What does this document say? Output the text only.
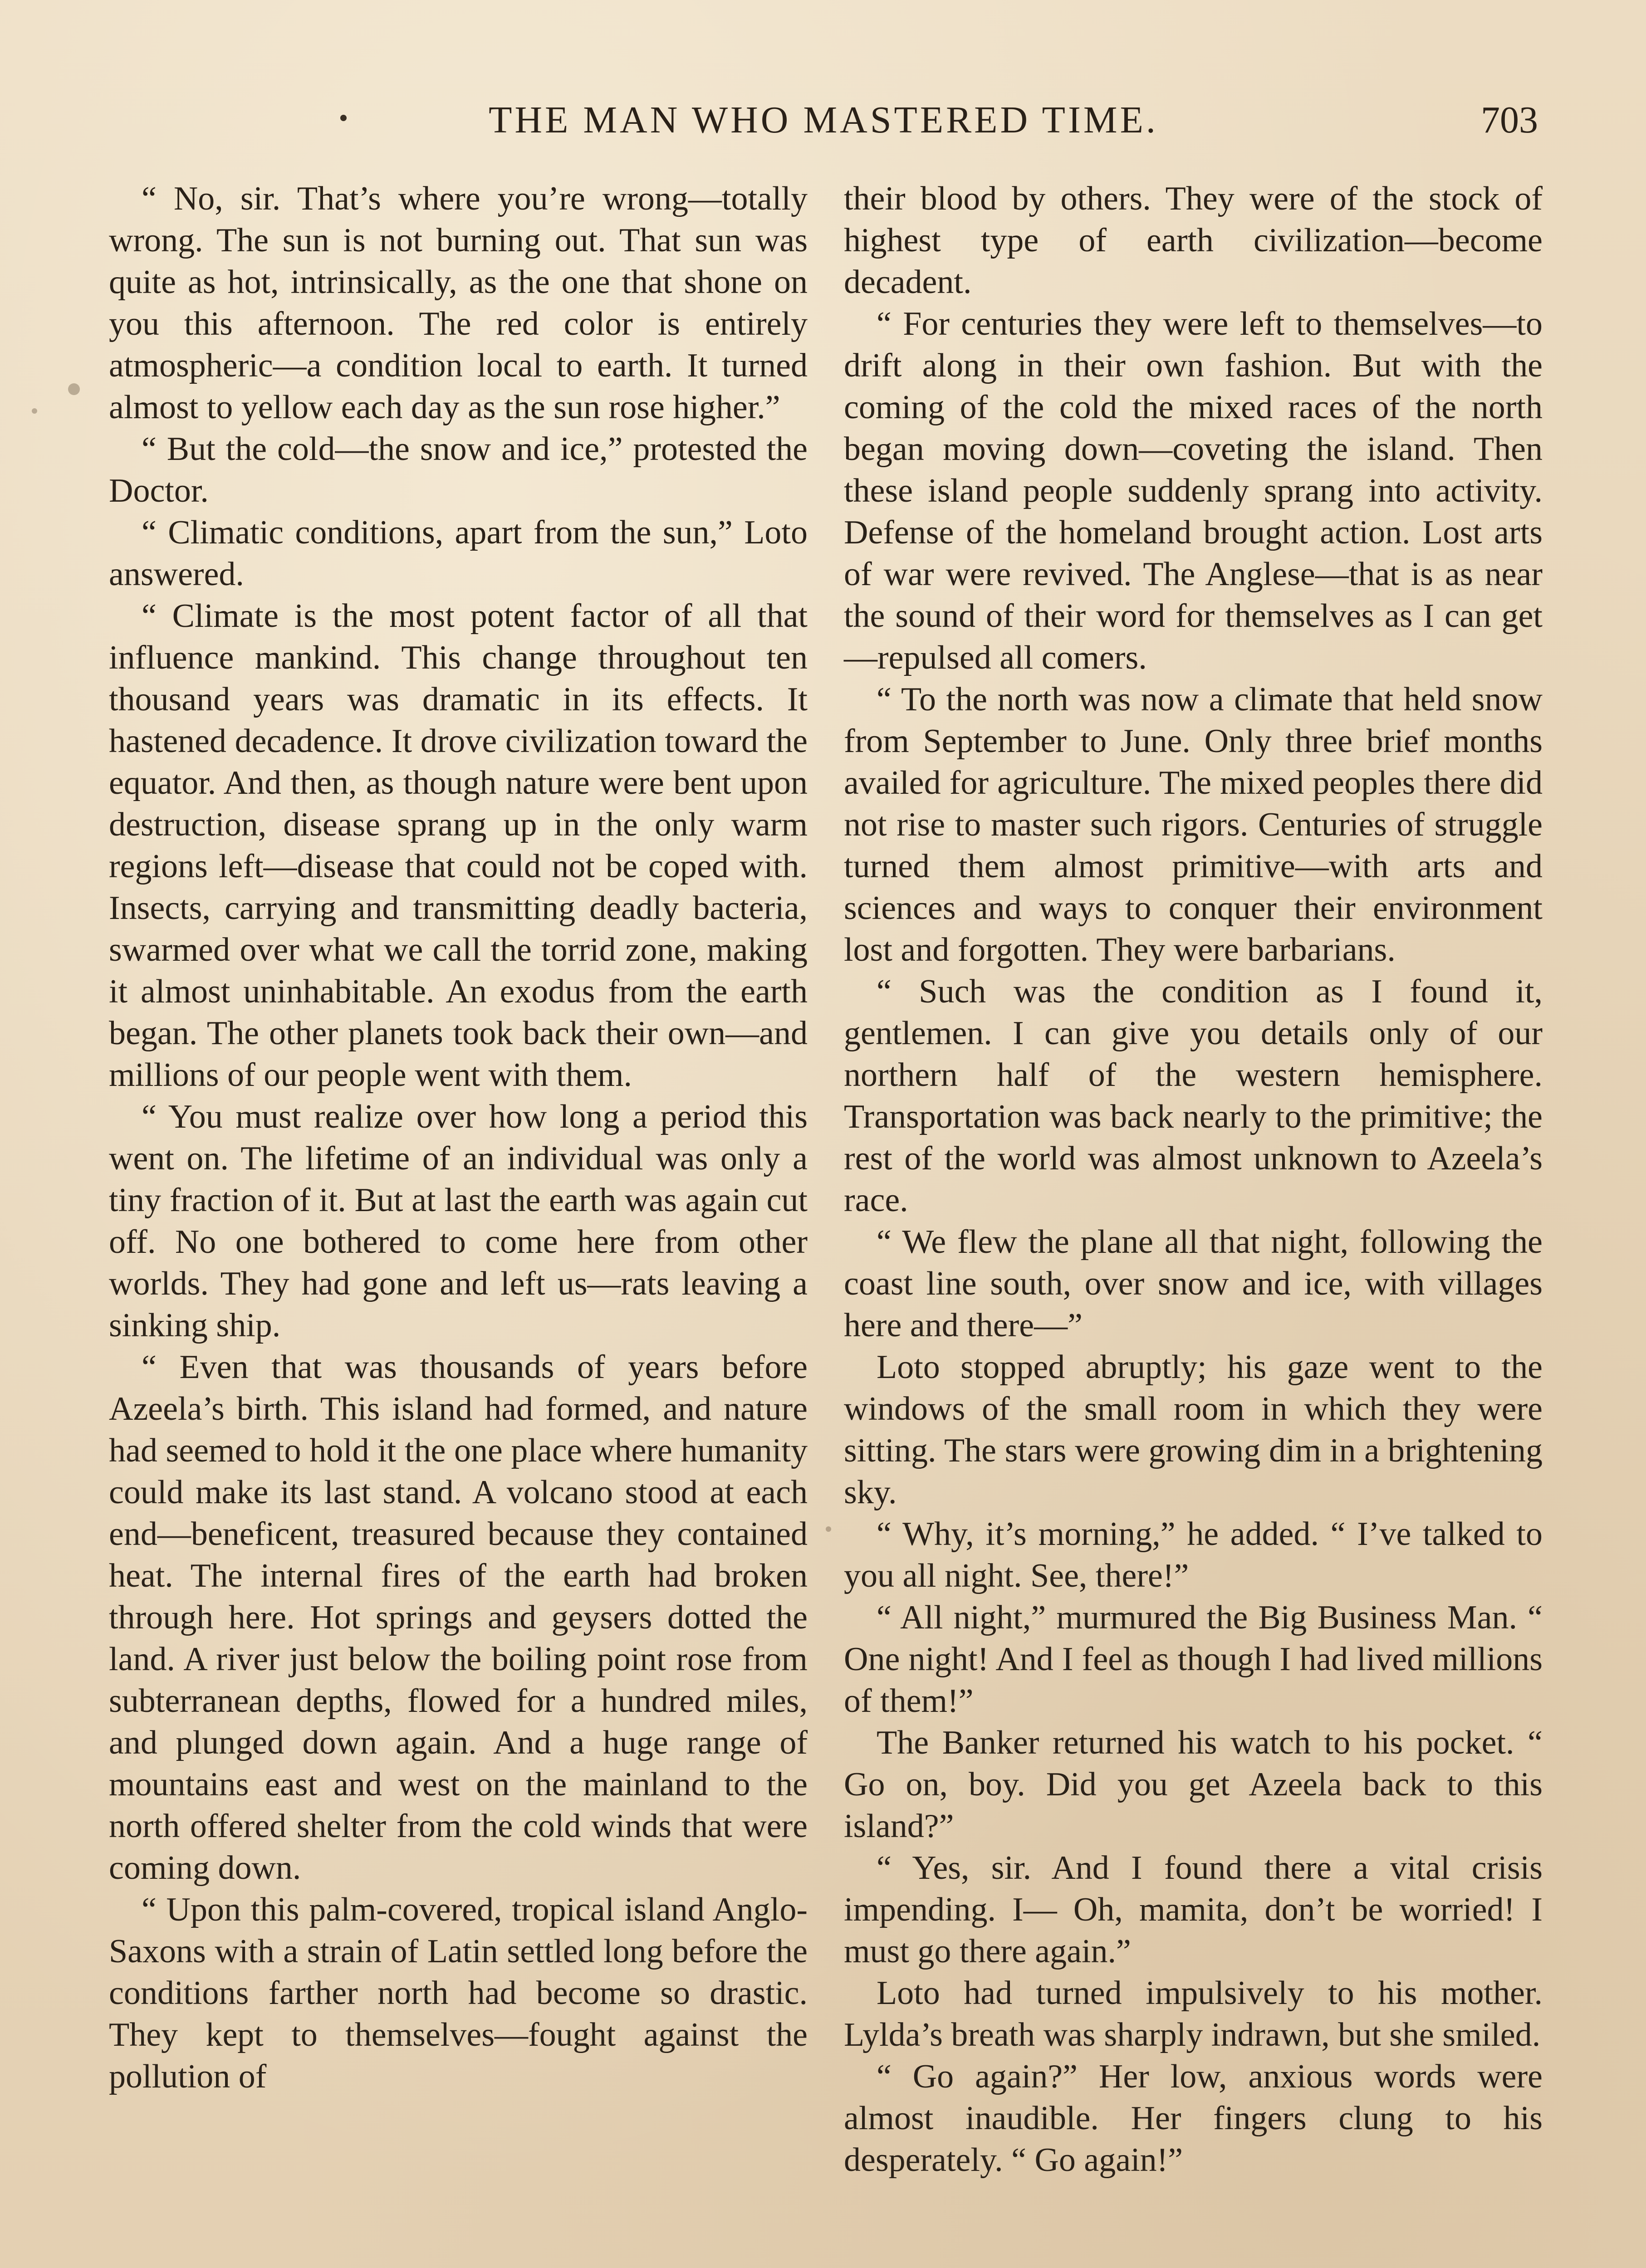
THE MAN WHO MASTERED TIME.	703

“ No, sir. That’s where you’re wrong—totally wrong. The sun is not burning out. That sun was quite as hot, intrinsically, as the one that shone on you this afternoon. The red color is entirely atmospheric—a condition local to earth. It turned almost to yellow each day as the sun rose higher.”

“ But the cold—the snow and ice,” protested the Doctor.

“ Climatic conditions, apart from the sun,” Loto answered.

“ Climate is the most potent factor of all that influence mankind. This change throughout ten thousand years was dramatic in its effects. It hastened decadence. It drove civilization toward the equator. And then, as though nature were bent upon destruction, disease sprang up in the only warm regions left—disease that could not be coped with. Insects, carrying and transmitting deadly bacteria, swarmed over what we call the torrid zone, making it almost uninhabitable. An exodus from the earth began. The other planets took back their own—and millions of our people went with them.

“ You must realize over how long a period this went on. The lifetime of an individual was only a tiny fraction of it. But at last the earth was again cut off. No one bothered to come here from other worlds. They had gone and left us—rats leaving a sinking ship.

“ Even that was thousands of years before Azeela’s birth. This island had formed, and nature had seemed to hold it the one place where humanity could make its last stand. A volcano stood at each end—beneficent, treasured because they contained heat. The internal fires of the earth had broken through here. Hot springs and geysers dotted the land. A river just below the boiling point rose from subterranean depths, flowed for a hundred miles, and plunged down again. And a huge range of mountains east and west on the mainland to the north offered shelter from the cold winds that were coming down.

“ Upon this palm-covered, tropical island Anglo-Saxons with a strain of Latin settled long before the conditions farther north had become so drastic. They kept to themselves—fought against the pollution of

their blood by others. They were of the stock of highest type of earth civilization—become decadent.

“ For centuries they were left to themselves—to drift along in their own fashion. But with the coming of the cold the mixed races of the north began moving down—coveting the island. Then these island people suddenly sprang into activity. Defense of the homeland brought action. Lost arts of war were revived. The Anglese—that is as near the sound of their word for themselves as I can get—repulsed all comers.

“ To the north was now a climate that held snow from September to June. Only three brief months availed for agriculture. The mixed peoples there did not rise to master such rigors. Centuries of struggle turned them almost primitive—with arts and sciences and ways to conquer their environment lost and forgotten. They were barbarians.

“ Such was the condition as I found it, gentlemen. I can give you details only of our northern half of the western hemisphere. Transportation was back nearly to the primitive; the rest of the world was almost unknown to Azeela’s race.

“ We flew the plane all that night, following the coast line south, over snow and ice, with villages here and there—”

Loto stopped abruptly; his gaze went to the windows of the small room in which they were sitting. The stars were growing dim in a brightening sky.

“ Why, it’s morning,” he added. “ I’ve talked to you all night. See, there!”

“ All night,” murmured the Big Business Man. “ One night! And I feel as though I had lived millions of them!”

The Banker returned his watch to his pocket. “ Go on, boy. Did you get Azeela back to this island?”

“ Yes, sir. And I found there a vital crisis impending. I— Oh, mamita, don’t be worried! I must go there again.”

Loto had turned impulsively to his mother. Lylda’s breath was sharply indrawn, but she smiled.

“ Go again?” Her low, anxious words were almost inaudible. Her fingers clung to his desperately. “ Go again!”
